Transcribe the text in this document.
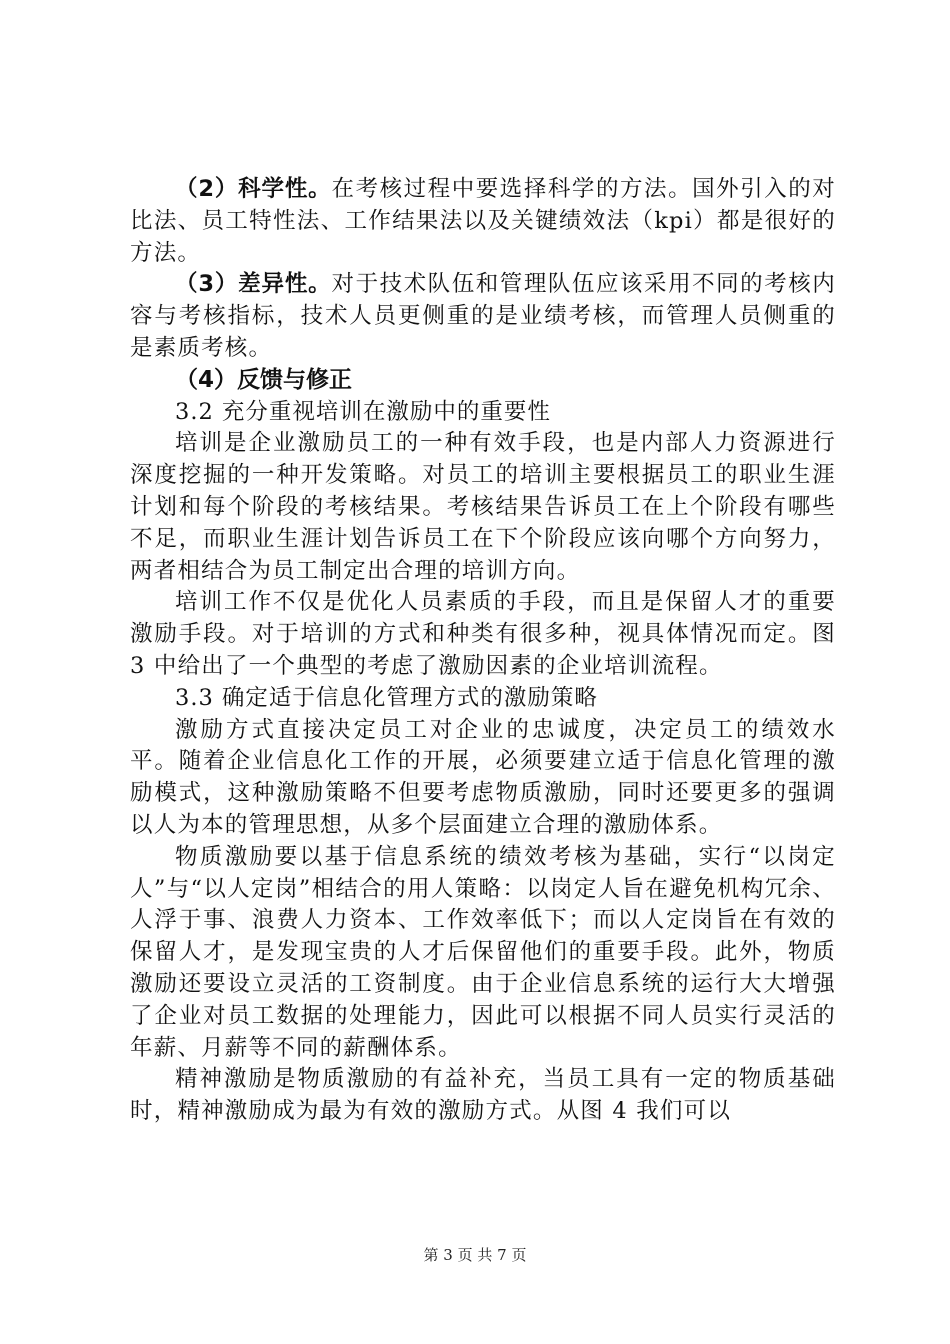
（2）科学性。在考核过程中要选择科学的方法。国外引入的对比法、员工特性法、工作结果法以及关键绩效法（kpi）都是很好的方法。

（3）差异性。对于技术队伍和管理队伍应该采用不同的考核内容与考核指标，技术人员更侧重的是业绩考核，而管理人员侧重的是素质考核。

（4）反馈与修正

3.2 充分重视培训在激励中的重要性

培训是企业激励员工的一种有效手段，也是内部人力资源进行深度挖掘的一种开发策略。对员工的培训主要根据员工的职业生涯计划和每个阶段的考核结果。考核结果告诉员工在上个阶段有哪些不足，而职业生涯计划告诉员工在下个阶段应该向哪个方向努力，两者相结合为员工制定出合理的培训方向。

培训工作不仅是优化人员素质的手段，而且是保留人才的重要激励手段。对于培训的方式和种类有很多种，视具体情况而定。图 3 中给出了一个典型的考虑了激励因素的企业培训流程。

3.3 确定适于信息化管理方式的激励策略

激励方式直接决定员工对企业的忠诚度，决定员工的绩效水平。随着企业信息化工作的开展，必须要建立适于信息化管理的激励模式，这种激励策略不但要考虑物质激励，同时还要更多的强调以人为本的管理思想，从多个层面建立合理的激励体系。

物质激励要以基于信息系统的绩效考核为基础，实行“以岗定人”与“以人定岗”相结合的用人策略：以岗定人旨在避免机构冗余、人浮于事、浪费人力资本、工作效率低下；而以人定岗旨在有效的保留人才，是发现宝贵的人才后保留他们的重要手段。此外，物质激励还要设立灵活的工资制度。由于企业信息系统的运行大大增强了企业对员工数据的处理能力，因此可以根据不同人员实行灵活的年薪、月薪等不同的薪酬体系。

精神激励是物质激励的有益补充，当员工具有一定的物质基础时，精神激励成为最为有效的激励方式。从图 4 我们可以

第 3 页 共 7 页
